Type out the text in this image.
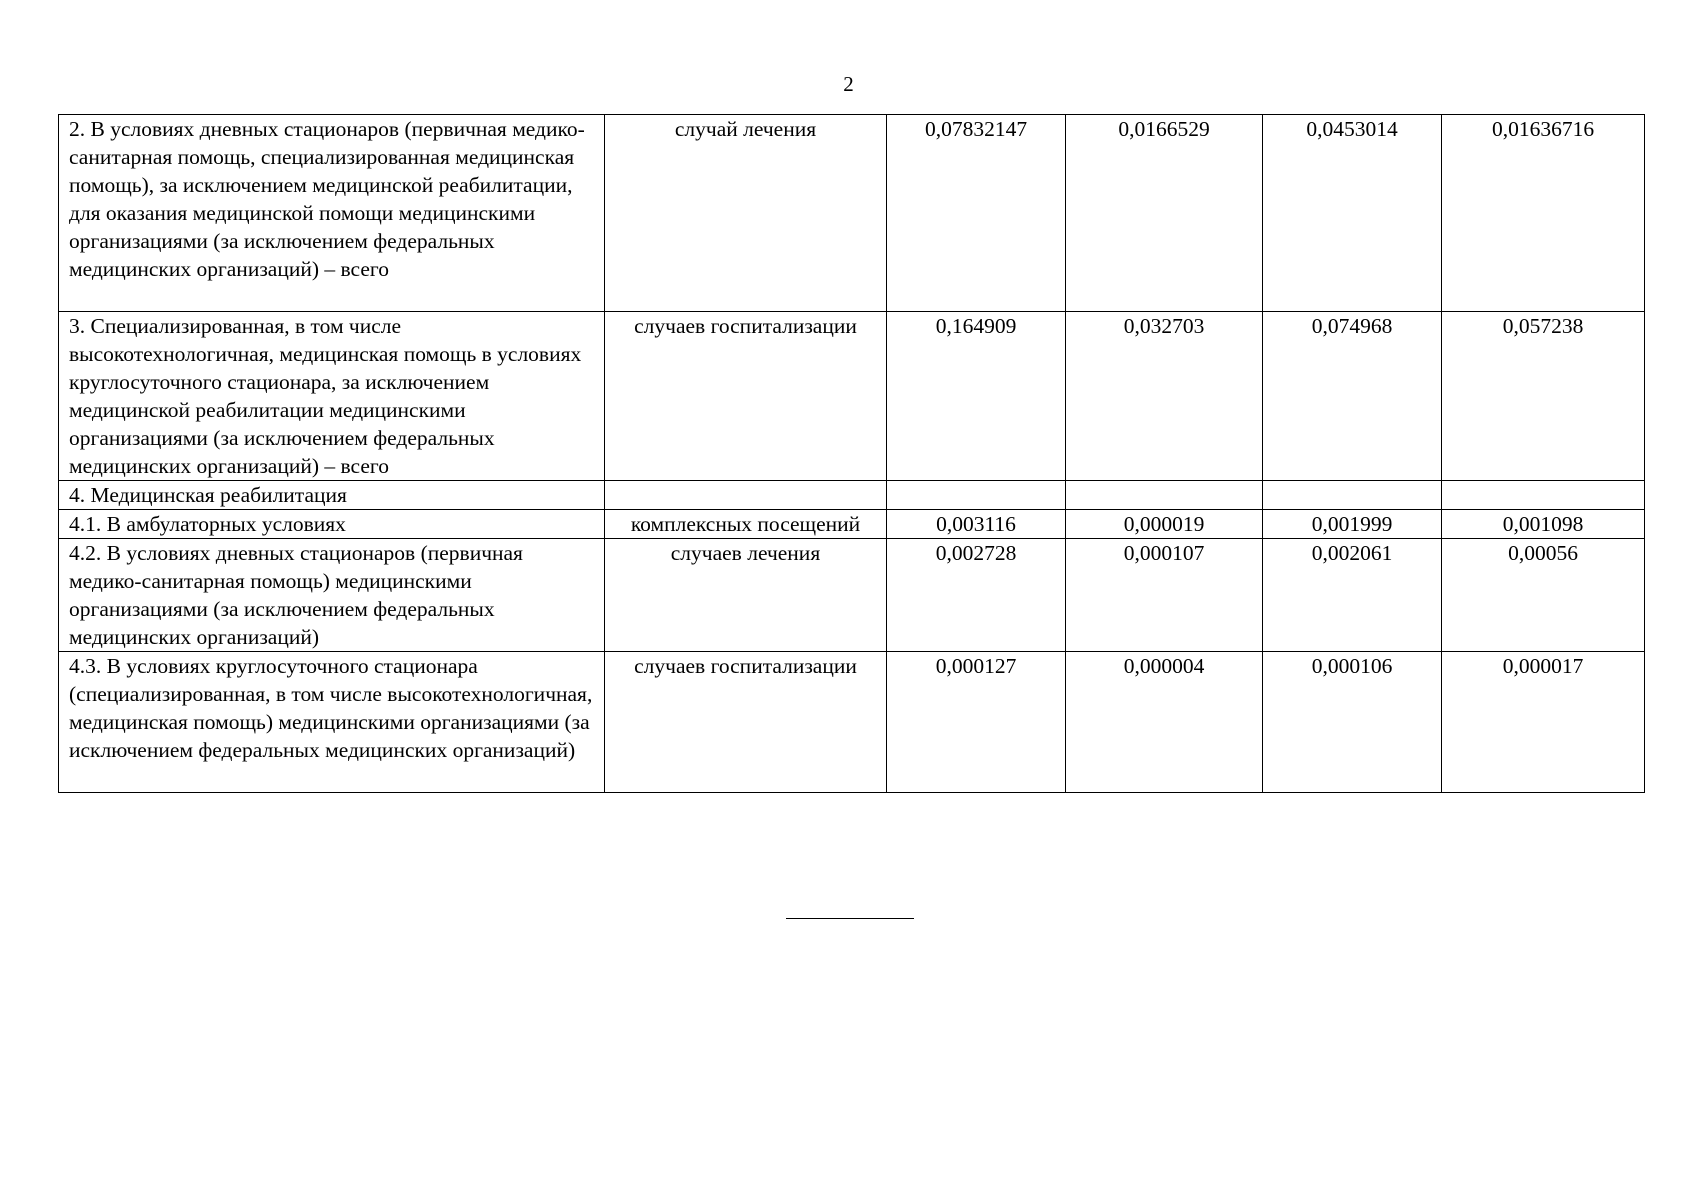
2
2. В условиях дневных стационаров (первичная медико-санитарная помощь, специализированная медицинская помощь), за исключением медицинской реабилитации, для оказания медицинской помощи медицинскими организациями (за исключением федеральных медицинских организаций) – всего	случай лечения	0,07832147	0,0166529	0,0453014	0,01636716
3. Специализированная, в том числе высокотехнологичная, медицинская помощь в условиях круглосуточного стационара, за исключением медицинской реабилитации медицинскими организациями (за исключением федеральных медицинских организаций) – всего	случаев госпитализации	0,164909	0,032703	0,074968	0,057238
4. Медицинская реабилитация					
4.1. В амбулаторных условиях	комплексных посещений	0,003116	0,000019	0,001999	0,001098
4.2. В условиях дневных стационаров (первичная медико-санитарная помощь) медицинскими организациями (за исключением федеральных медицинских организаций)	случаев лечения	0,002728	0,000107	0,002061	0,00056
4.3. В условиях круглосуточного стационара (специализированная, в том числе высокотехнологичная, медицинская помощь) медицинскими организациями (за исключением федеральных медицинских организаций)	случаев госпитализации	0,000127	0,000004	0,000106	0,000017
